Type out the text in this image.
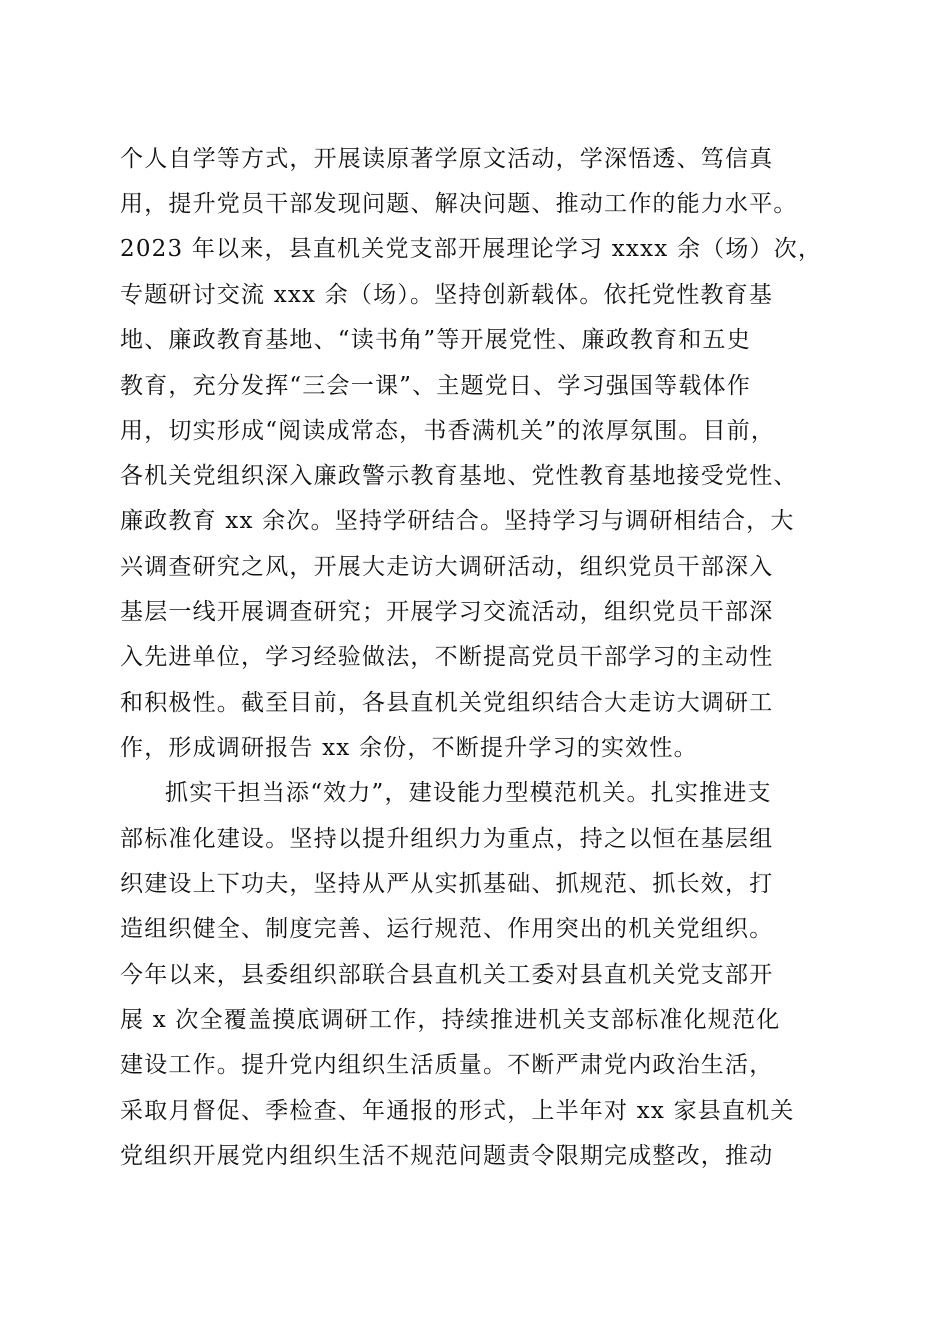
个人自学等方式，开展读原著学原文活动，学深悟透、笃信真
用，提升党员干部发现问题、解决问题、推动工作的能力水平。
2023 年以来，县直机关党支部开展理论学习 xxxx 余（场）次，
专题研讨交流 xxx 余（场）。坚持创新载体。依托党性教育基
地、廉政教育基地、“读书角”等开展党性、廉政教育和五史
教育，充分发挥“三会一课”、主题党日、学习强国等载体作
用，切实形成“阅读成常态，书香满机关”的浓厚氛围。目前，
各机关党组织深入廉政警示教育基地、党性教育基地接受党性、
廉政教育 xx 余次。坚持学研结合。坚持学习与调研相结合，大
兴调查研究之风，开展大走访大调研活动，组织党员干部深入
基层一线开展调查研究；开展学习交流活动，组织党员干部深
入先进单位，学习经验做法，不断提高党员干部学习的主动性
和积极性。截至目前，各县直机关党组织结合大走访大调研工
作，形成调研报告 xx 余份，不断提升学习的实效性。
抓实干担当添“效力”，建设能力型模范机关。扎实推进支
部标准化建设。坚持以提升组织力为重点，持之以恒在基层组
织建设上下功夫，坚持从严从实抓基础、抓规范、抓长效，打
造组织健全、制度完善、运行规范、作用突出的机关党组织。
今年以来，县委组织部联合县直机关工委对县直机关党支部开
展 x 次全覆盖摸底调研工作，持续推进机关支部标准化规范化
建设工作。提升党内组织生活质量。不断严肃党内政治生活，
采取月督促、季检查、年通报的形式，上半年对 xx 家县直机关
党组织开展党内组织生活不规范问题责令限期完成整改，推动
